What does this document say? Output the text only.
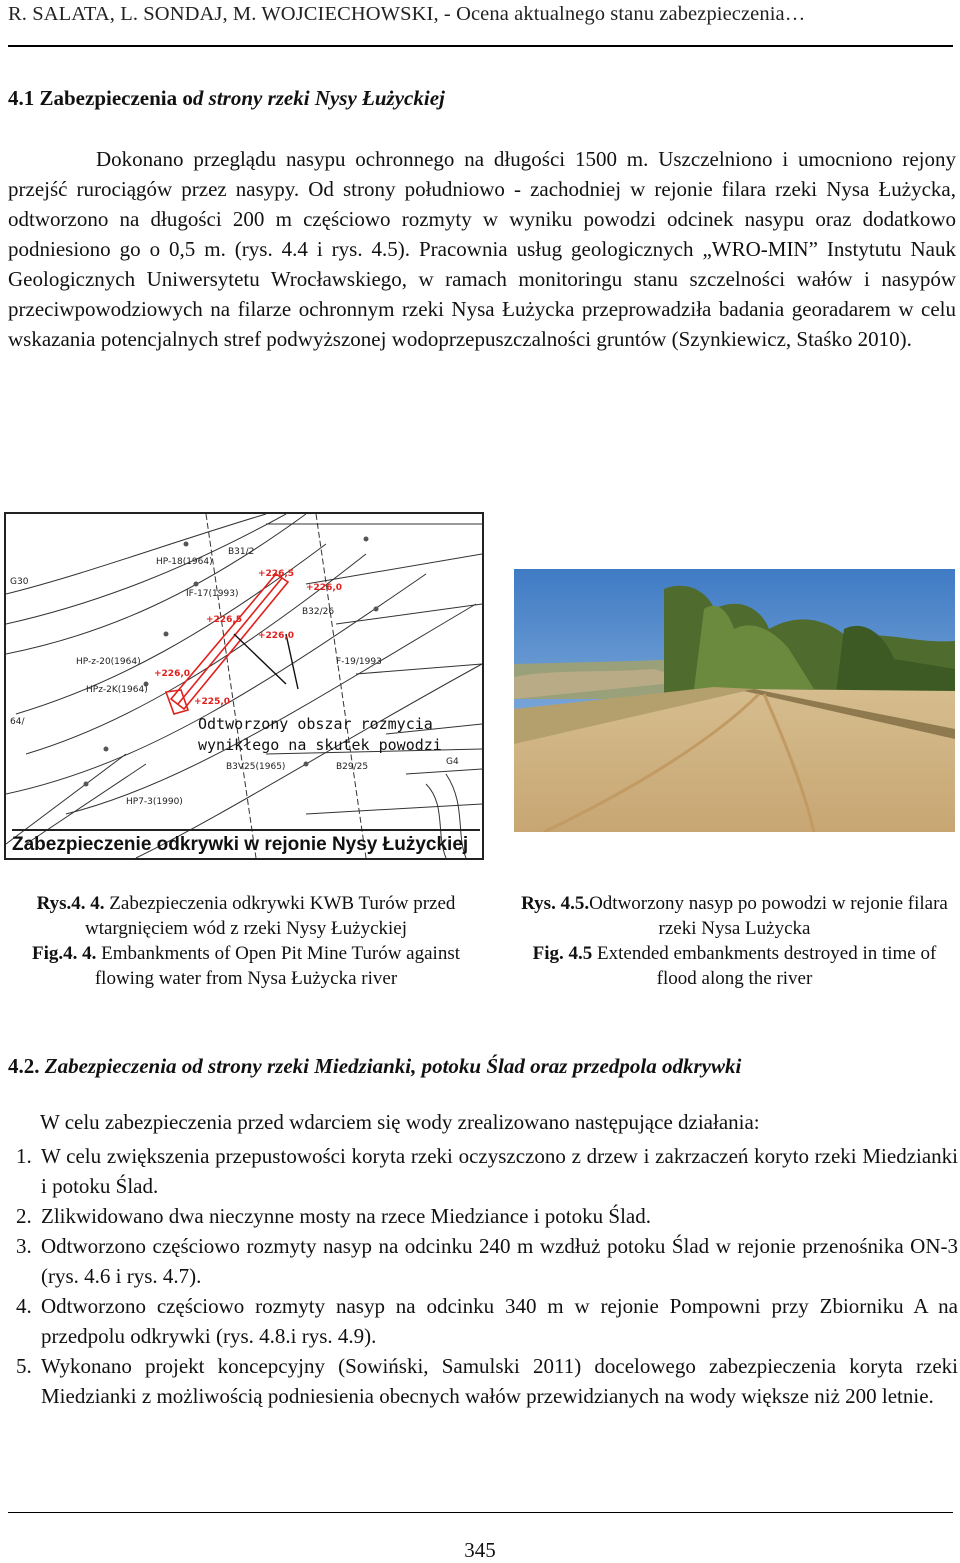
R. SALATA, L. SONDAJ, M. WOJCIECHOWSKI, - Ocena aktualnego stanu zabezpieczenia…
4.1 Zabezpieczenia od strony rzeki Nysy Łużyckiej
Dokonano przeglądu nasypu ochronnego na długości 1500 m. Uszczelniono i umocniono rejony przejść rurociągów przez nasypy. Od strony południowo - zachodniej w rejonie filara rzeki Nysa Łużycka, odtworzono na długości 200 m częściowo rozmyty w wyniku powodzi odcinek nasypu oraz dodatkowo podniesiono go o 0,5 m. (rys. 4.4 i rys. 4.5). Pracownia usług geologicznych „WRO-MIN” Instytutu Nauk Geologicznych Uniwersytetu Wrocławskiego, w ramach monitoringu stanu szczelności wałów i nasypów przeciwpowodziowych na filarze ochronnym rzeki Nysa Łużycka przeprowadziła badania georadarem w celu wskazania potencjalnych stref podwyższonej wodoprzepuszczalności gruntów (Szynkiewicz, Staśko 2010).
+226,5
+226,0
+226,5
+226,0
+226,0
+225,0
B31/2
HP-18(1964)
IF-17(1993)
B32/26
HP-z-20(1964)
HPz-2K(1964)
F-19/1993
B3V25(1965)	B29/25
HP7-3(1990)
64/
G30
G4
Zabezpieczenie odkrywki w rejonie Nysy Łużyckiej
Odtworzony obszar rozmycia
wynikłego na skutek powodzi
Rys.4. 4. Zabezpieczenia odkrywki KWB Turów przed wtargnięciem wód z rzeki Nysy Łużyckiej
Fig.4. 4. Embankments of Open Pit Mine Turów against flowing water from Nysa Łużycka river
Rys. 4.5.Odtworzony nasyp po powodzi w rejonie filara rzeki Nysa Lużycka
Fig. 4.5 Extended embankments destroyed in time of flood along the river
4.2. Zabezpieczenia od strony rzeki Miedzianki, potoku Ślad oraz przedpola odkrywki
W celu zabezpieczenia przed wdarciem się wody zrealizowano następujące działania:
1. W celu zwiększenia przepustowości koryta rzeki oczyszczono z drzew i zakrzaczeń koryto rzeki Miedzianki i potoku Ślad.
2. Zlikwidowano dwa nieczynne mosty na rzece Miedziance i potoku Ślad.
3. Odtworzono częściowo rozmyty nasyp na odcinku 240 m wzdłuż potoku Ślad w rejonie przenośnika ON-3 (rys. 4.6 i rys. 4.7).
4. Odtworzono częściowo rozmyty nasyp na odcinku 340 m w rejonie Pompowni przy Zbiorniku A na przedpolu odkrywki (rys. 4.8.i rys. 4.9).
5. Wykonano projekt koncepcyjny (Sowiński, Samulski 2011) docelowego zabezpieczenia koryta rzeki Miedzianki z możliwością podniesienia obecnych wałów przewidzianych na wody większe niż 200 letnie.
345
